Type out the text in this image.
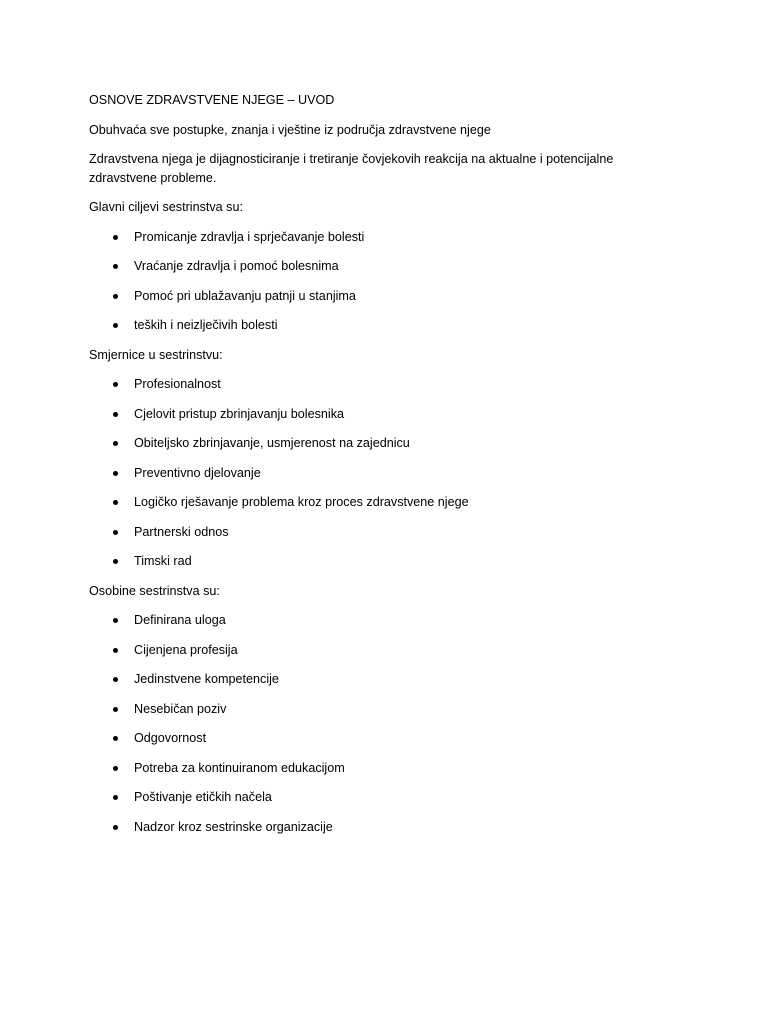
OSNOVE ZDRAVSTVENE NJEGE – UVOD

Obuhvaća sve postupke, znanja i vještine iz područja zdravstvene njege

Zdravstvena njega je dijagnosticiranje i tretiranje čovjekovih reakcija na aktualne i potencijalne zdravstvene probleme.

Glavni ciljevi sestrinstva su:

Promicanje zdravlja i sprječavanje bolesti
Vraćanje zdravlja i pomoć bolesnima
Pomoć pri ublažavanju patnji u stanjima
teških i neizlječivih bolesti

Smjernice u sestrinstvu:

Profesionalnost
Cjelovit pristup zbrinjavanju bolesnika
Obiteljsko zbrinjavanje, usmjerenost na zajednicu
Preventivno djelovanje
Logičko rješavanje problema kroz proces zdravstvene njege
Partnerski odnos
Timski rad

Osobine sestrinstva su:

Definirana uloga
Cijenjena profesija
Jedinstvene kompetencije
Nesebičan poziv
Odgovornost
Potreba za kontinuiranom edukacijom
Poštivanje etičkih načela
Nadzor kroz sestrinske organizacije
